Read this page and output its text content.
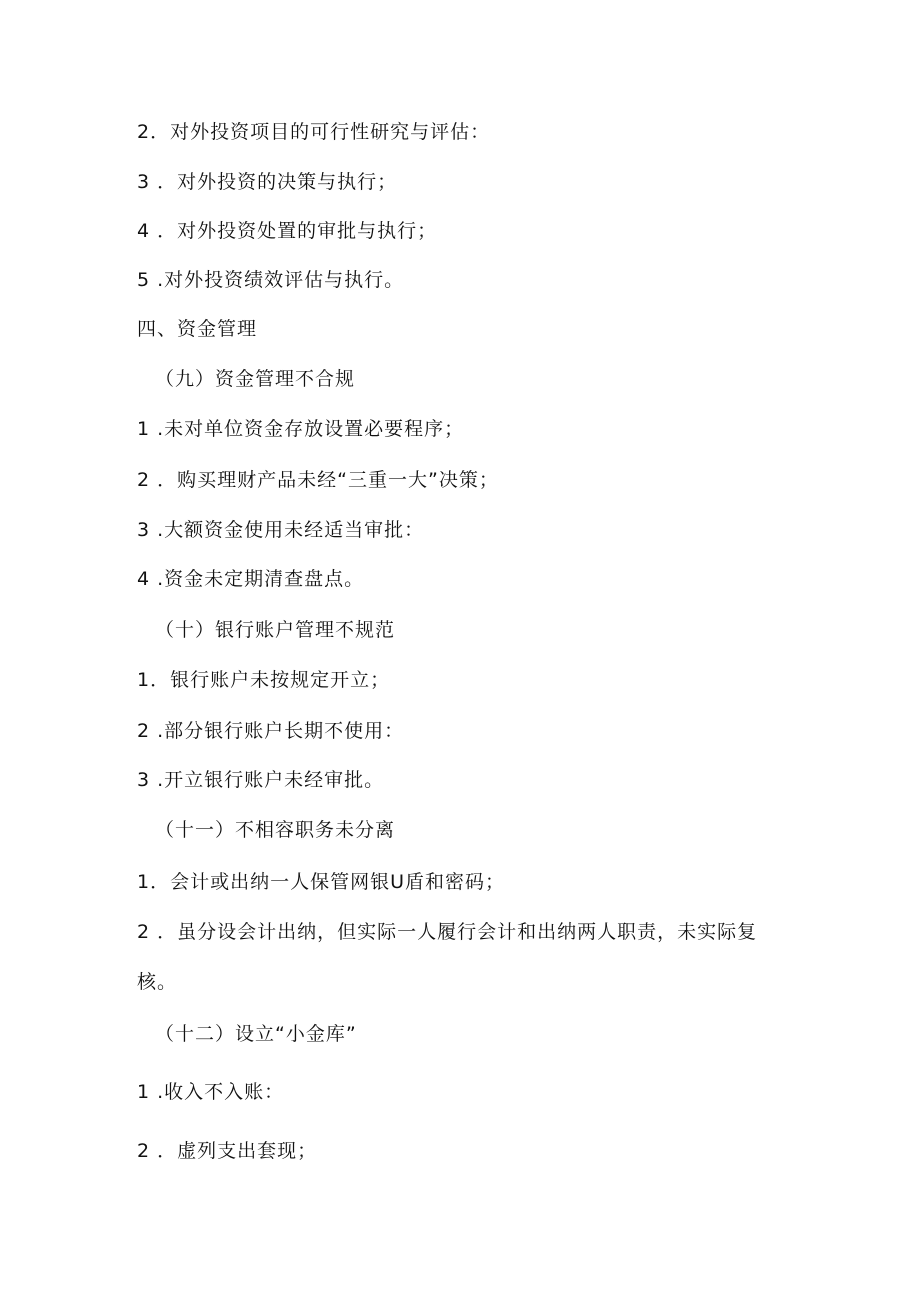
2．对外投资项目的可行性研究与评估：
3 ．对外投资的决策与执行；
4 ．对外投资处置的审批与执行；
5 .对外投资绩效评估与执行。
四、资金管理
（九）资金管理不合规
1 .未对单位资金存放设置必要程序；
2 ．购买理财产品未经“三重一大”决策；
3 .大额资金使用未经适当审批：
4 .资金未定期清查盘点。
（十）银行账户管理不规范
1．银行账户未按规定开立；
2 .部分银行账户长期不使用：
3 .开立银行账户未经审批。
（十一）不相容职务未分离
1．会计或出纳一人保管网银U盾和密码；
2 ．虽分设会计出纳，但实际一人履行会计和出纳两人职责，未实际复
核。
（十二）设立“小金库”
1 .收入不入账：
2 ．虚列支出套现；
